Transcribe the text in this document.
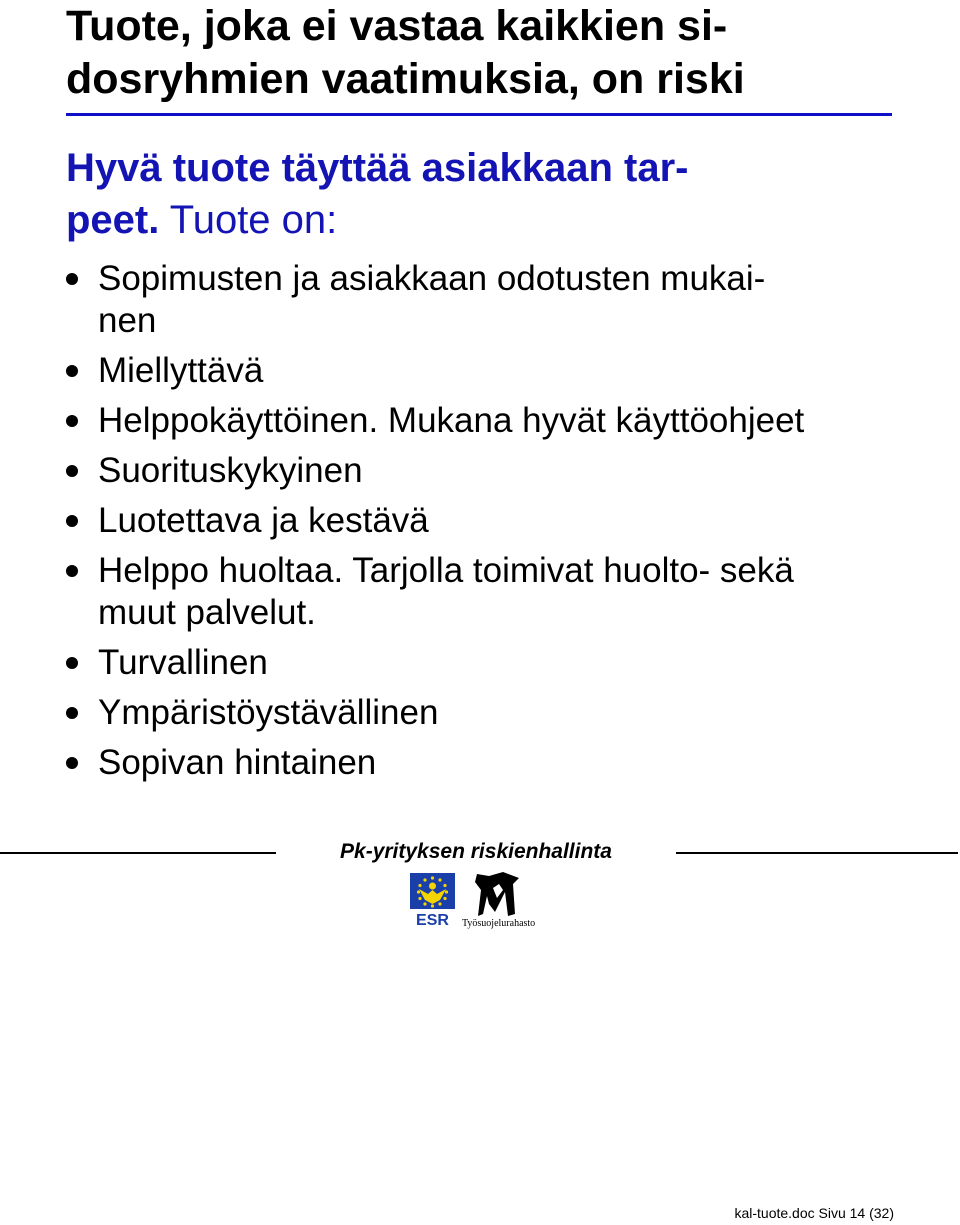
Tuote, joka ei vastaa kaikkien si-
dosryhmien vaatimuksia, on riski

Hyvä tuote täyttää asiakkaan tar-
peet. Tuote on:

Sopimusten ja asiakkaan odotusten mukai-
nen
Miellyttävä
Helppokäyttöinen. Mukana hyvät käyttöohjeet
Suorituskykyinen
Luotettava ja kestävä
Helppo huoltaa. Tarjolla toimivat huolto- sekä
muut palvelut.
Turvallinen
Ympäristöystävällinen
Sopivan hintainen
Pk-yrityksen riskienhallinta
ESR Työsuojelurahasto
kal-tuote.doc Sivu 14 (32)
